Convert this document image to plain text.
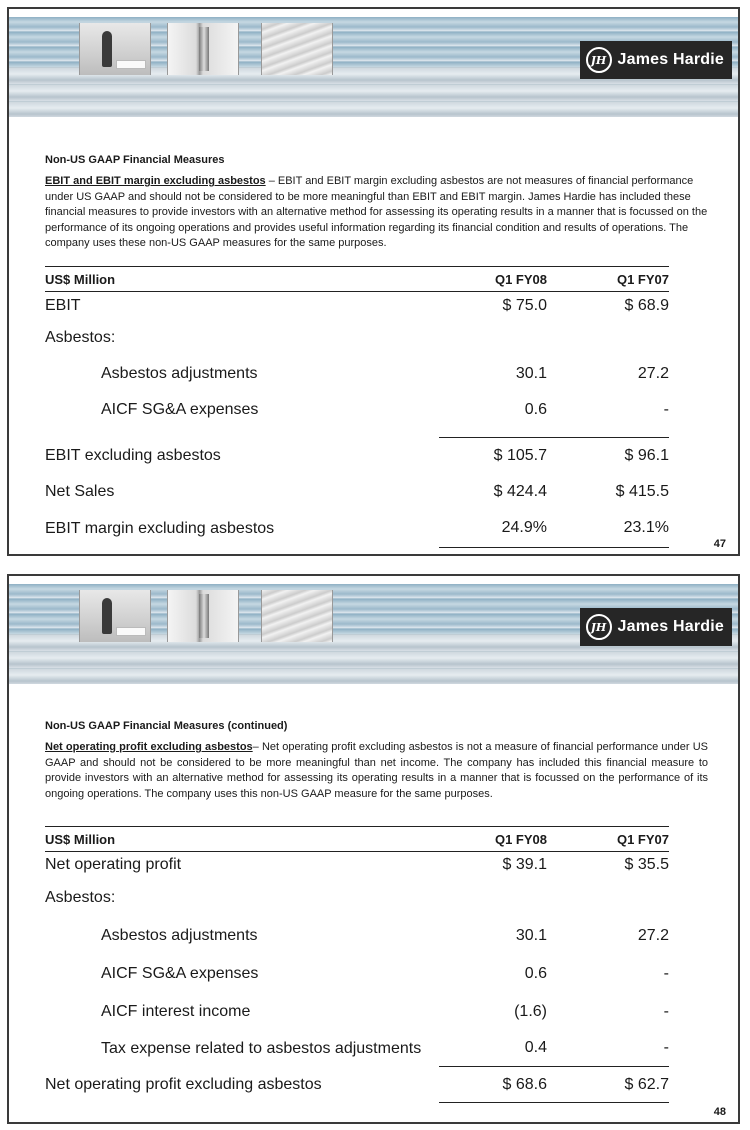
JH James Hardie
Non-US GAAP Financial Measures
EBIT and EBIT margin excluding asbestos – EBIT and EBIT margin excluding asbestos are not measures of financial performance under US GAAP and should not be considered to be more meaningful than EBIT and EBIT margin. James Hardie has included these financial measures to provide investors with an alternative method for assessing its operating results in a manner that is focussed on the performance of its ongoing operations and provides useful information regarding its financial condition and results of operations. The company uses these non-US GAAP measures for the same purposes.
US$ Million	Q1 FY08	Q1 FY07
EBIT	$ 75.0	$ 68.9
Asbestos:		
Asbestos adjustments	30.1	27.2
AICF SG&A expenses	0.6	-

EBIT excluding asbestos	$ 105.7	$ 96.1
Net Sales	$ 424.4	$ 415.5
EBIT margin excluding asbestos	24.9%	23.1%
47
JH James Hardie
Non-US GAAP Financial Measures (continued)
Net operating profit excluding asbestos– Net operating profit excluding asbestos is not a measure of financial performance under US GAAP and should not be considered to be more meaningful than net income. The company has included this financial measure to provide investors with an alternative method for assessing its operating results in a manner that is focussed on the performance of its ongoing operations. The company uses this non-US GAAP measure for the same purposes.
US$ Million	Q1 FY08	Q1 FY07
Net operating profit	$ 39.1	$ 35.5
Asbestos:		
Asbestos adjustments	30.1	27.2
AICF SG&A expenses	0.6	-
AICF interest income	(1.6)	-
Tax expense related to asbestos adjustments	0.4	-
Net operating profit excluding asbestos	$ 68.6	$ 62.7
48
